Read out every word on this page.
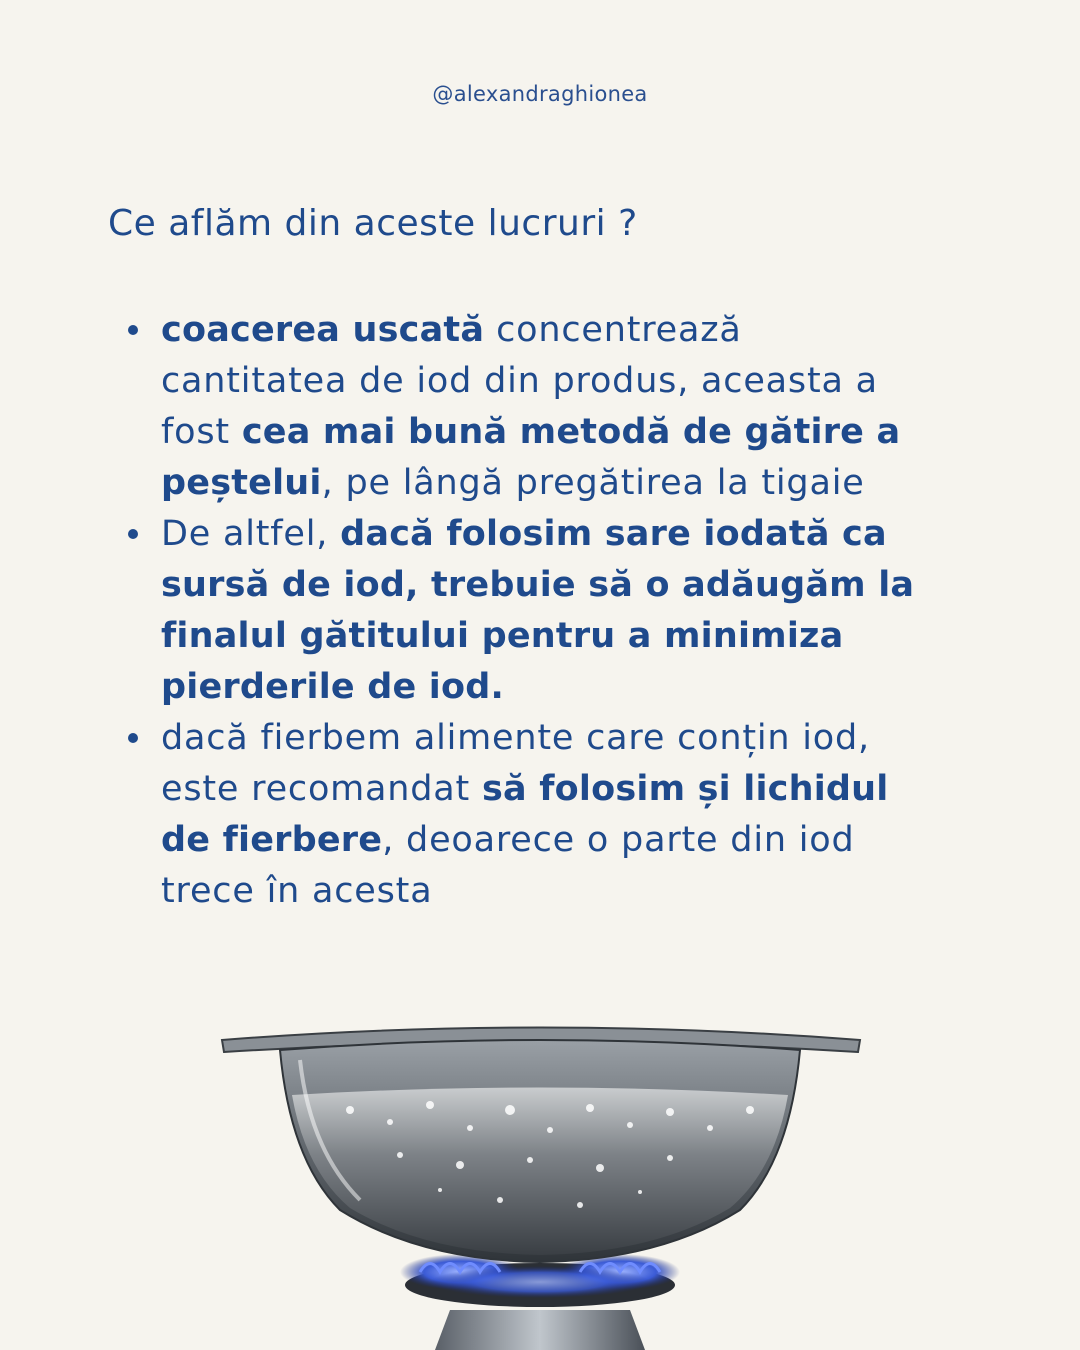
@alexandraghionea
Ce aflăm din aceste lucruri ?
coacerea uscată concentrează cantitatea de iod din produs, aceasta a fost cea mai bună metodă de gătire a peștelui, pe lângă pregătirea la tigaie
De altfel, dacă folosim sare iodată ca sursă de iod, trebuie să o adăugăm la finalul gătitului pentru a minimiza pierderile de iod.
dacă fierbem alimente care conțin iod, este recomandat să folosim și lichidul de fierbere, deoarece o parte din iod trece în acesta
